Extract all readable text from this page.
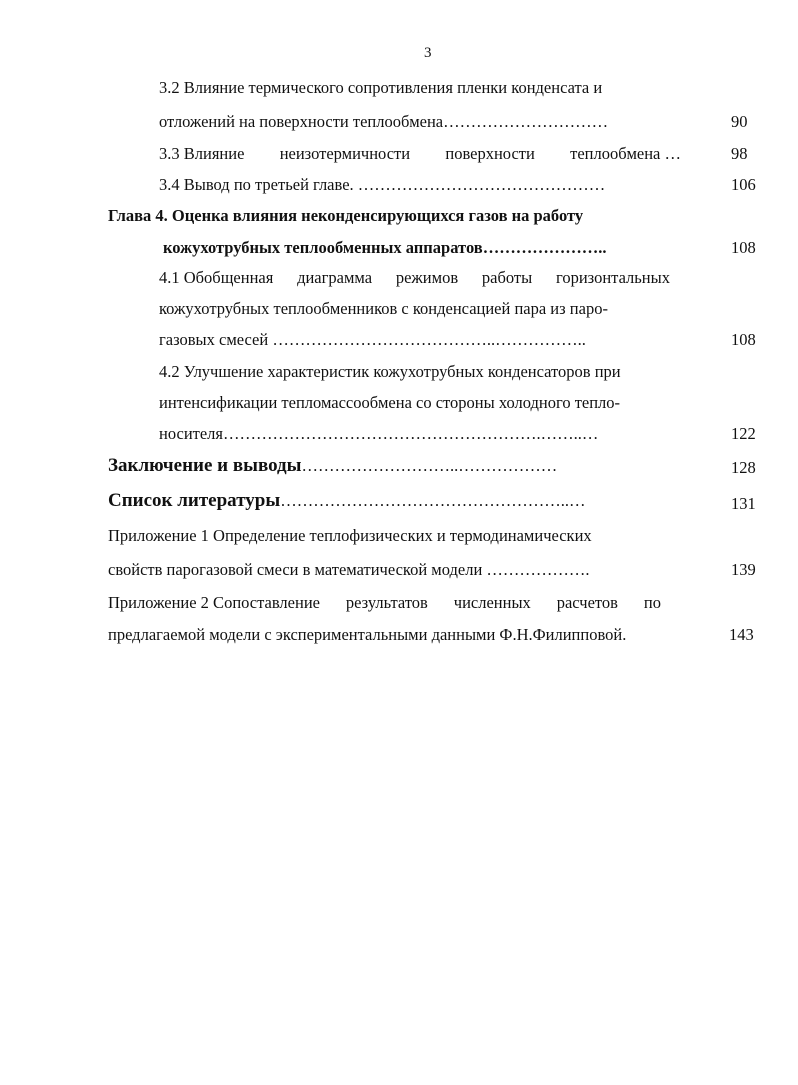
3
3.2 Влияние термического сопротивления пленки конденсата и
отложений на поверхности теплообмена…………………………	90
3.3 Влияние неизотермичности поверхности теплообмена …	98
3.4 Вывод по третьей главе. ………………………………………	106
Глава 4. Оценка влияния неконденсирующихся газов на работу
кожухотрубных теплообменных аппаратов…………………..	108
4.1 Обобщенная диаграмма режимов работы горизонтальных
кожухотрубных теплообменников с конденсацией пара из паро-
газовых смесей …………………………………..……………..	108
4.2 Улучшение характеристик кожухотрубных конденсаторов при
интенсификации тепломассообмена со стороны холодного тепло-
носителя………………………………………………….……..…	122
Заключение и выводы………………………..………………	128
Список литературы……………………………………………..…	131
Приложение 1 Определение теплофизических и термодинамических
свойств парогазовой смеси в математической модели ……………….	139
Приложение 2 Сопоставление результатов численных расчетов по
предлагаемой модели с экспериментальными данными Ф.Н.Филипповой.	143
